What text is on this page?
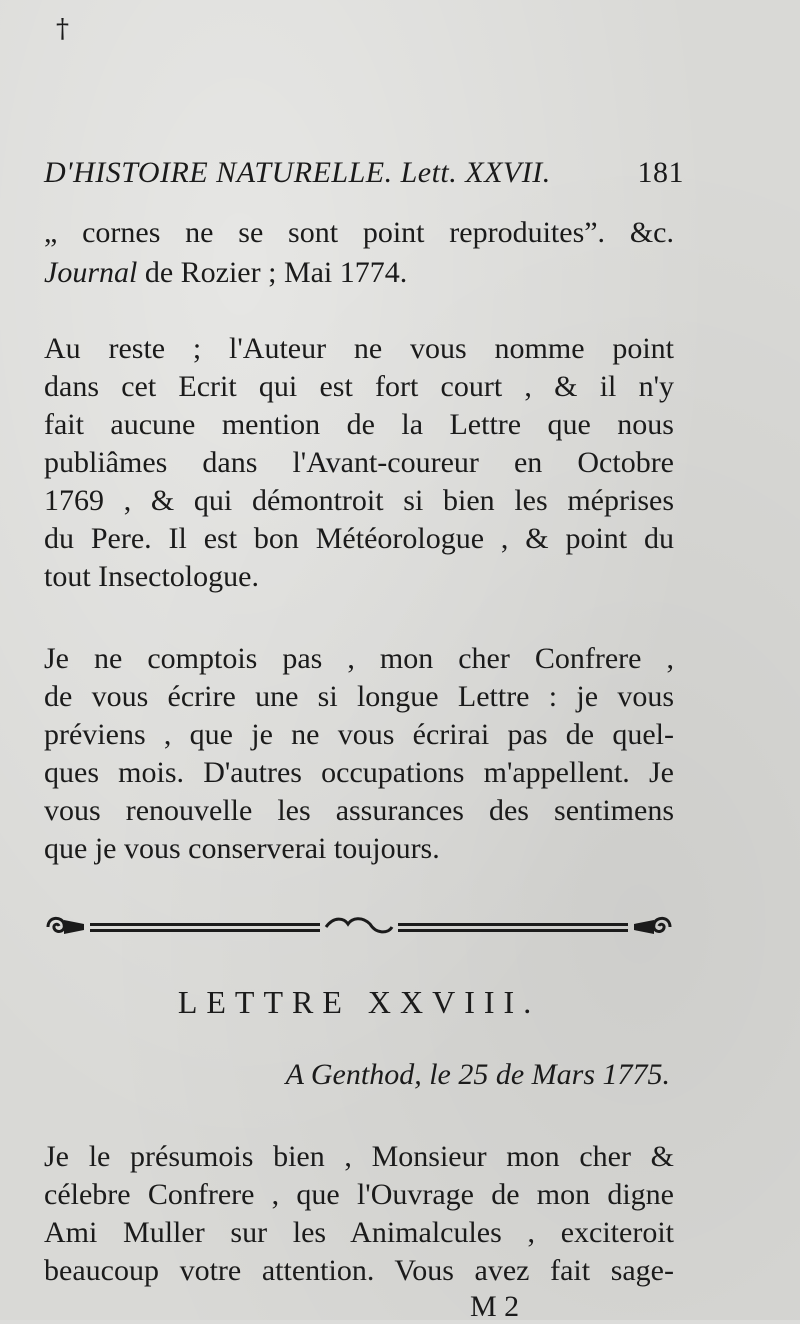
†
D'HISTOIRE NATURELLE. Lett. XXVII.	181
„ cornes ne se sont point reproduites”. &c.
Journal de Rozier ; Mai 1774.
Au reste ; l'Auteur ne vous nomme point
dans cet Ecrit qui est fort court , & il n'y
fait aucune mention de la Lettre que nous
publiâmes dans l'Avant-coureur en Octobre
1769 , & qui démontroit si bien les méprises
du Pere. Il est bon Météorologue , & point du
tout Insectologue.
Je ne comptois pas , mon cher Confrere ,
de vous écrire une si longue Lettre : je vous
préviens , que je ne vous écrirai pas de quel-
ques mois. D'autres occupations m'appellent. Je
vous renouvelle les assurances des sentimens
que je vous conserverai toujours.
LETTRE XXVIII.
A Genthod, le 25 de Mars 1775.
Je le présumois bien , Monsieur mon cher &
célebre Confrere , que l'Ouvrage de mon digne
Ami Muller sur les Animalcules , exciteroit
beaucoup votre attention. Vous avez fait sage-
M 2
